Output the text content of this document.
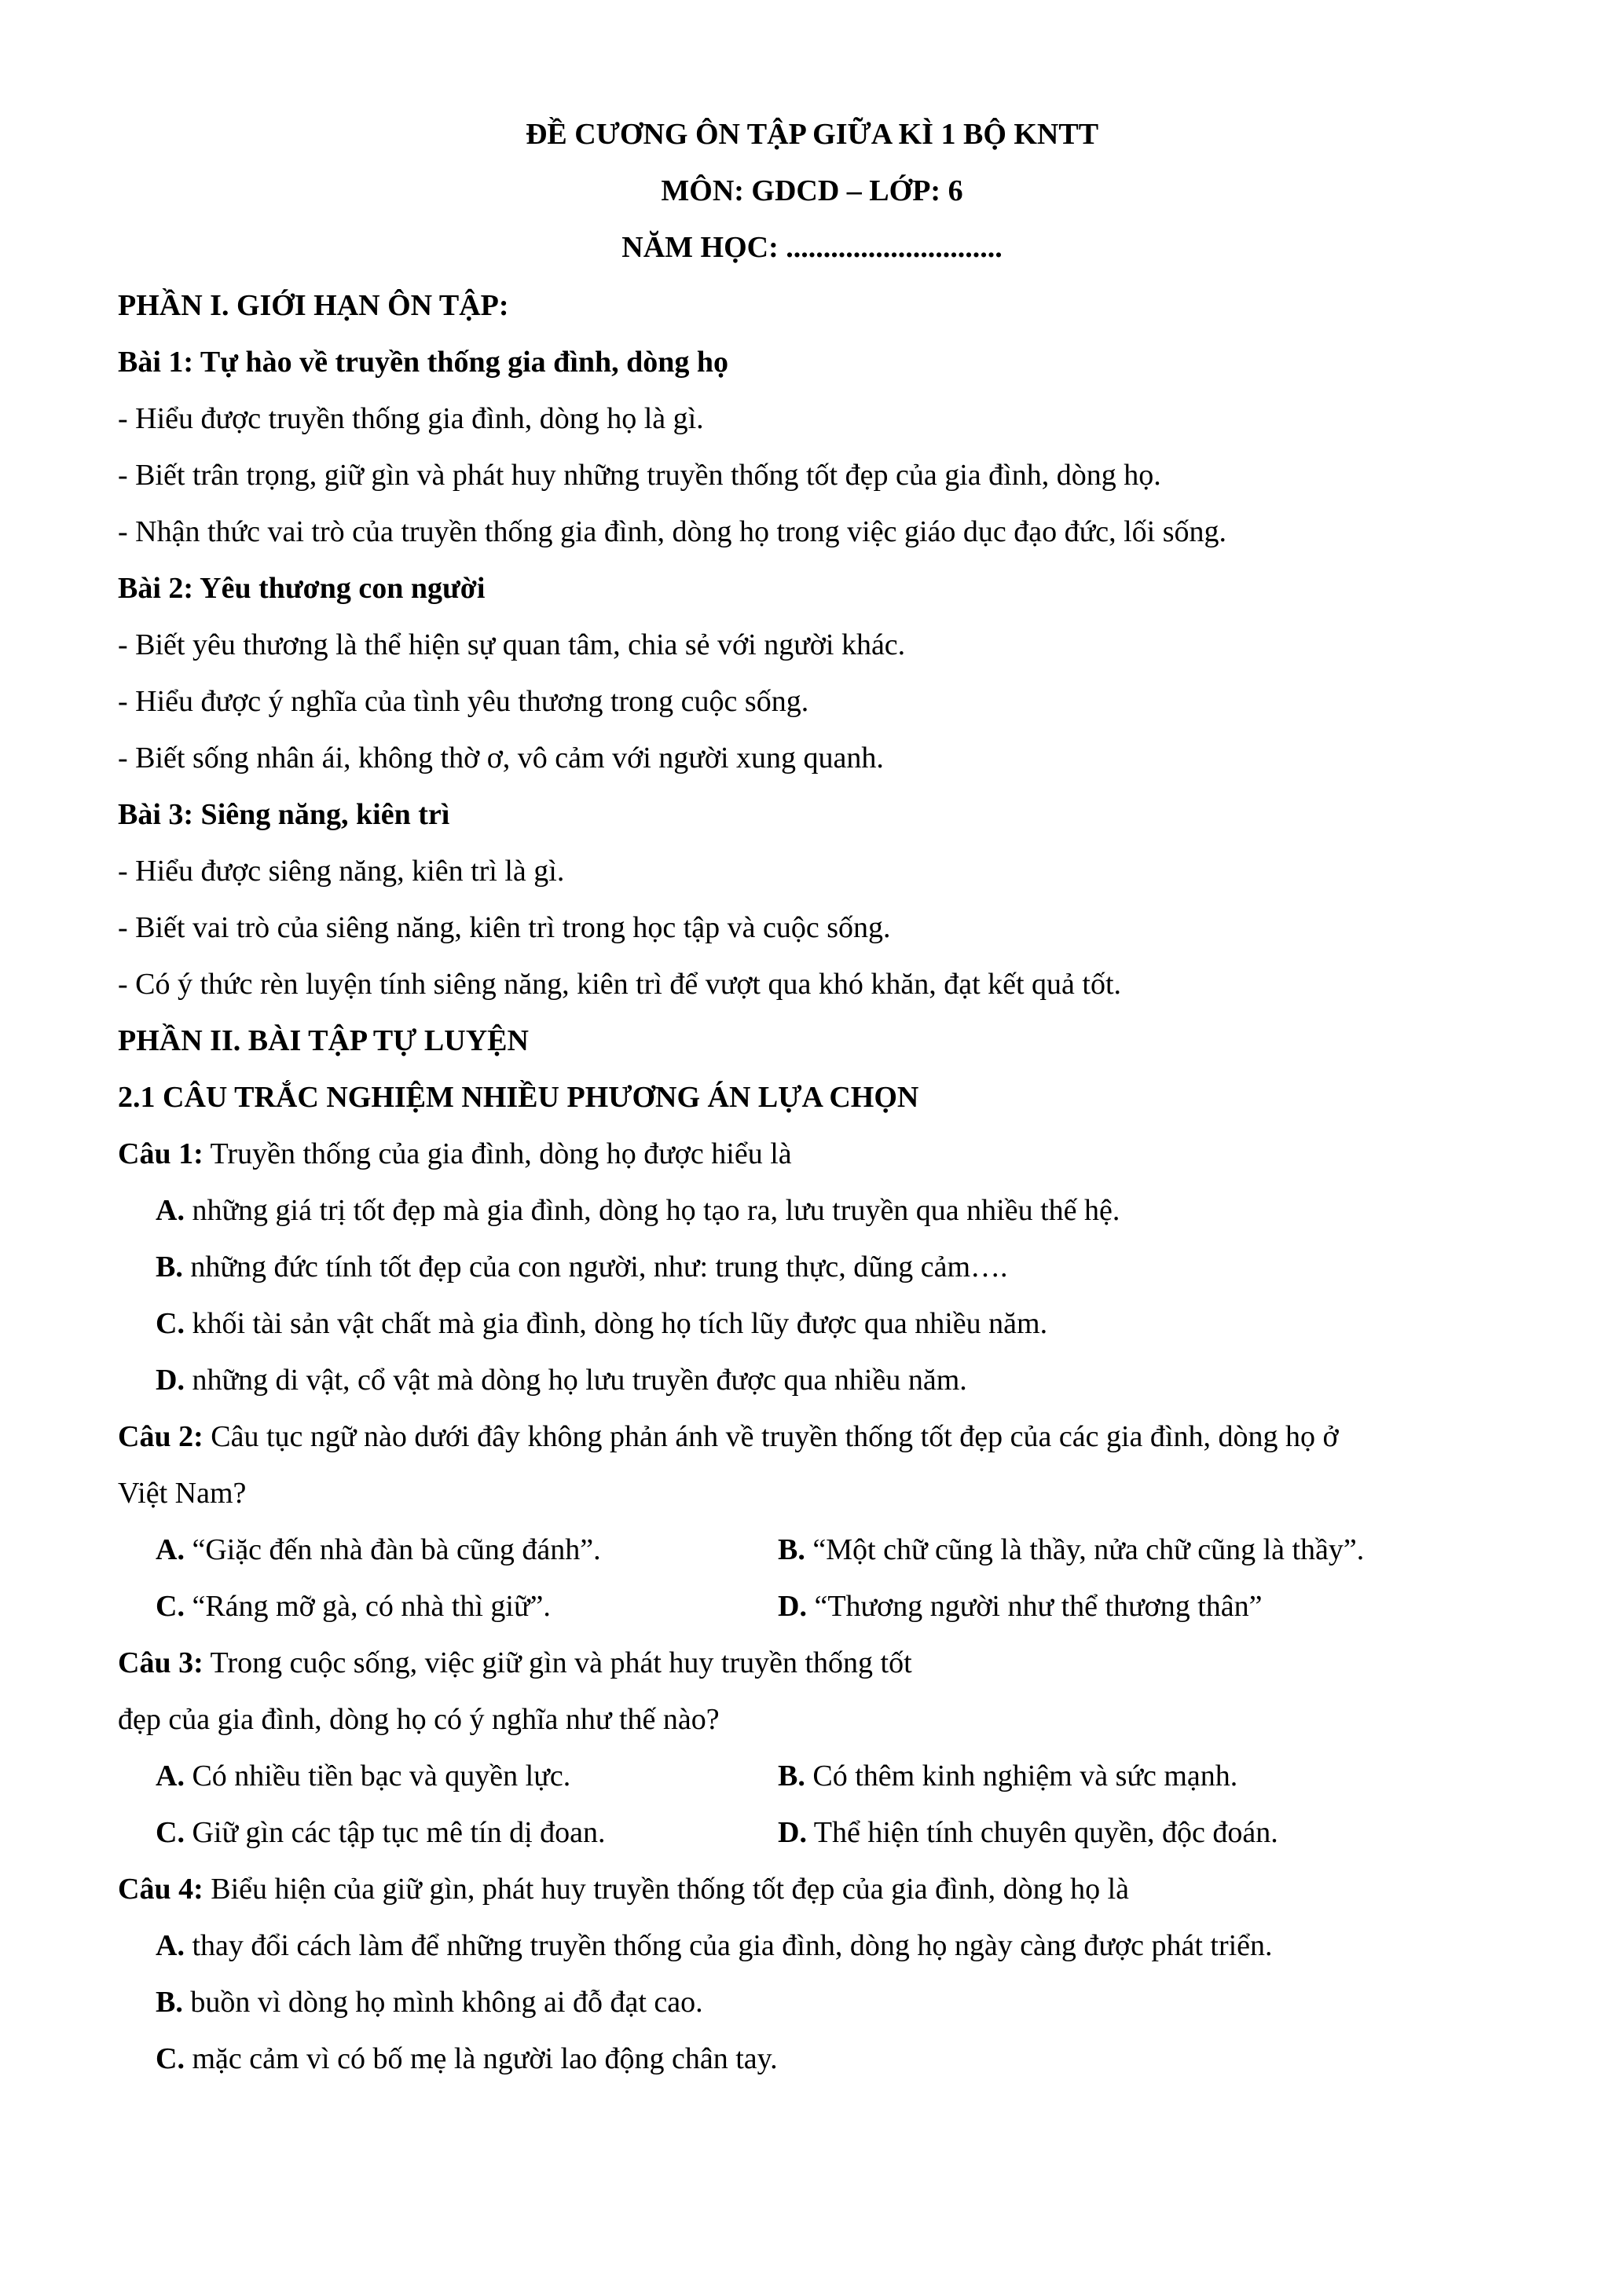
ĐỀ CƯƠNG ÔN TẬP GIỮA KÌ 1 BỘ KNTT
MÔN: GDCD – LỚP: 6
NĂM HỌC: .............................
PHẦN I. GIỚI HẠN ÔN TẬP:
Bài 1: Tự hào về truyền thống gia đình, dòng họ
- Hiểu được truyền thống gia đình, dòng họ là gì.
- Biết trân trọng, giữ gìn và phát huy những truyền thống tốt đẹp của gia đình, dòng họ.
- Nhận thức vai trò của truyền thống gia đình, dòng họ trong việc giáo dục đạo đức, lối sống.
Bài 2: Yêu thương con người
- Biết yêu thương là thể hiện sự quan tâm, chia sẻ với người khác.
- Hiểu được ý nghĩa của tình yêu thương trong cuộc sống.
- Biết sống nhân ái, không thờ ơ, vô cảm với người xung quanh.
Bài 3: Siêng năng, kiên trì
- Hiểu được siêng năng, kiên trì là gì.
- Biết vai trò của siêng năng, kiên trì trong học tập và cuộc sống.
- Có ý thức rèn luyện tính siêng năng, kiên trì để vượt qua khó khăn, đạt kết quả tốt.
PHẦN II. BÀI TẬP TỰ LUYỆN
2.1 CÂU TRẮC NGHIỆM NHIỀU PHƯƠNG ÁN LỰA CHỌN
Câu 1: Truyền thống của gia đình, dòng họ được hiểu là
A. những giá trị tốt đẹp mà gia đình, dòng họ tạo ra, lưu truyền qua nhiều thế hệ.
B. những đức tính tốt đẹp của con người, như: trung thực, dũng cảm….
C. khối tài sản vật chất mà gia đình, dòng họ tích lũy được qua nhiều năm.
D. những di vật, cổ vật mà dòng họ lưu truyền được qua nhiều năm.
Câu 2: Câu tục ngữ nào dưới đây không phản ánh về truyền thống tốt đẹp của các gia đình, dòng họ ở
Việt Nam?
A. “Giặc đến nhà đàn bà cũng đánh”.	B. “Một chữ cũng là thầy, nửa chữ cũng là thầy”.
C. “Ráng mỡ gà, có nhà thì giữ”.	D. “Thương người như thể thương thân”
Câu 3: Trong cuộc sống, việc giữ gìn và phát huy truyền thống tốt
đẹp của gia đình, dòng họ có ý nghĩa như thế nào?
A. Có nhiều tiền bạc và quyền lực.	B. Có thêm kinh nghiệm và sức mạnh.
C. Giữ gìn các tập tục mê tín dị đoan.	D. Thể hiện tính chuyên quyền, độc đoán.
Câu 4: Biểu hiện của giữ gìn, phát huy truyền thống tốt đẹp của gia đình, dòng họ là
A. thay đổi cách làm để những truyền thống của gia đình, dòng họ ngày càng được phát triển.
B. buồn vì dòng họ mình không ai đỗ đạt cao.
C. mặc cảm vì có bố mẹ là người lao động chân tay.
